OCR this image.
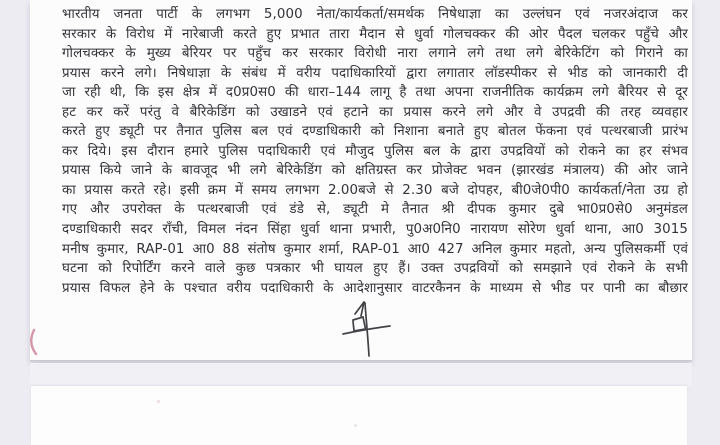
भारतीय जनता पार्टी के लगभग 5,000 नेता/कार्यकर्ता/समर्थक निषेधाज्ञा का उल्लंघन एवं नजरअंदाज कर
सरकार के विरोध में नारेबाजी करते हुए प्रभात तारा मैदान से धुर्वा गोलचक्कर की ओर पैदल चलकर पहुँचे और
गोलचक्कर के मुख्य बेरियर पर पहुँच कर सरकार विरोधी नारा लगाने लगे तथा लगे बेरिकेटिंग को गिराने का
प्रयास करने लगे। निषेधाज्ञा के संबंध में वरीय पदाधिकारियों द्वारा लगातार लॉडस्पीकर से भीड को जानकारी दी
जा रही थी, कि इस क्षेत्र में द0प्र0स0 की धारा–144 लागू है तथा अपना राजनीतिक कार्यक्रम लगे बैरियर से दूर
हट कर करें परंतु वे बैरिकेडिंग को उखाडने एवं हटाने का प्रयास करने लगे और वे उपद्रवी की तरह व्यवहार
करते हुए ड्यूटी पर तैनात पुलिस बल एवं दण्डाधिकारी को निशाना बनाते हुए बोतल फेंकना एवं पत्थरबाजी प्रारंभ
कर दिये। इस दौरान हमारे पुलिस पदाधिकारी एवं मौजुद पुलिस बल के द्वारा उपद्रवियों को रोकने का हर संभव
प्रयास किये जाने के बावजूद भी लगे बेरिकेडिंग को क्षतिग्रस्त कर प्रोजेक्ट भवन (झारखंड मंत्रालय) की ओर जाने
का प्रयास करते रहे। इसी क्रम में समय लगभग 2.00बजे से 2.30 बजे दोपहर, बी0जे0पी0 कार्यकर्ता/नेता उग्र हो
गए और उपरोक्त के पत्थरबाजी एवं डंडे से, ड्यूटी मे तैनात श्री दीपक कुमार दुबे भा0प्र0से0 अनुमंडल
दण्डाधिकारी सदर राँची, विमल नंदन सिंहा धुर्वा थाना प्रभारी, पु0अ0नि0 नारायण सोरेण धुर्वा थाना, आ0 3015
मनीष कुमार, RAP-01 आ0 88 संतोष कुमार शर्मा, RAP-01 आ0 427 अनिल कुमार महतो, अन्य पुलिसकर्मी एवं
घटना को रिपोर्टिंग करने वाले कुछ पत्रकार भी घायल हुए हैं। उक्त उपद्रवियों को समझाने एवं रोकने के सभी
प्रयास विफल हेने के पश्चात वरीय पदाधिकारी के आदेशानुसार वाटरकैनन के माध्यम से भीड पर पानी का बौछार
